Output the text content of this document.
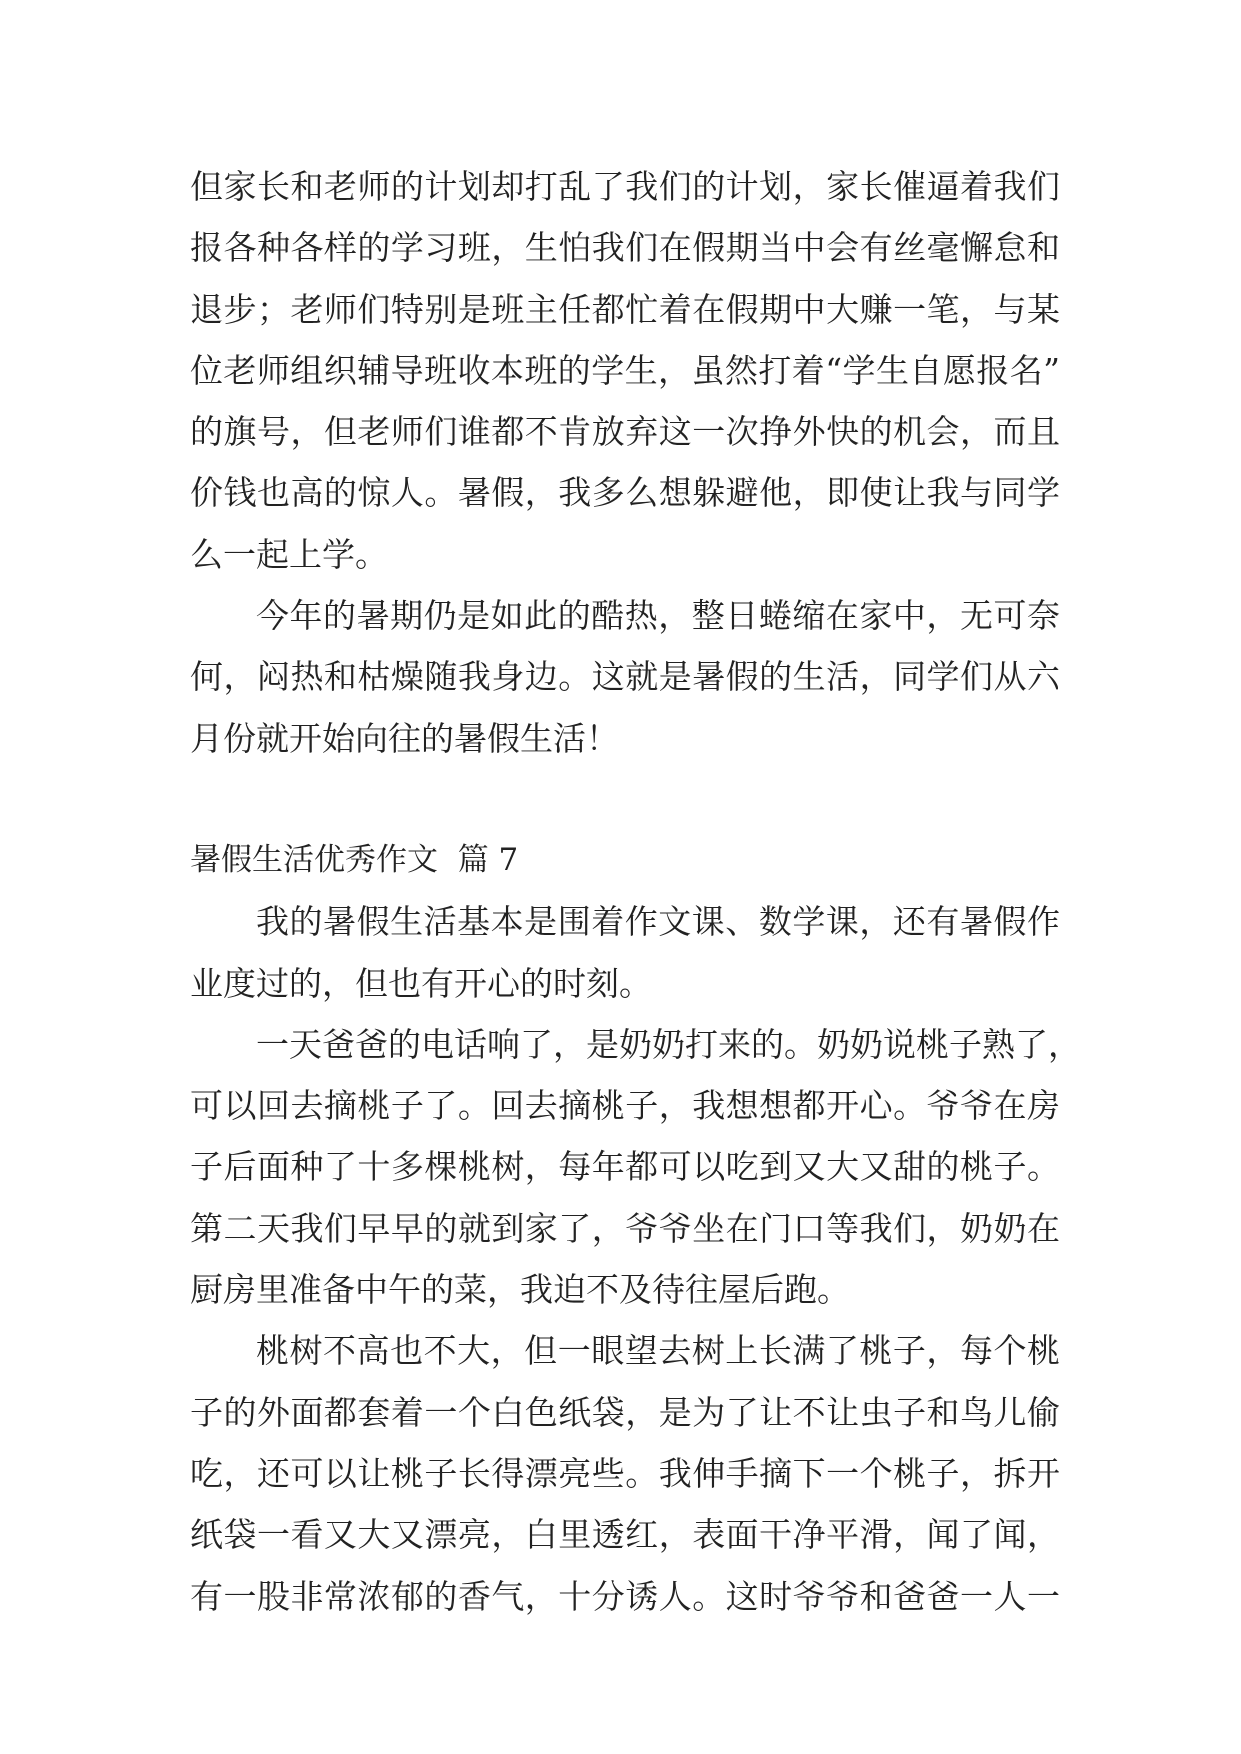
但家长和老师的计划却打乱了我们的计划，家长催逼着我们
报各种各样的学习班，生怕我们在假期当中会有丝毫懈怠和
退步；老师们特别是班主任都忙着在假期中大赚一笔，与某
位老师组织辅导班收本班的学生，虽然打着“学生自愿报名”
的旗号，但老师们谁都不肯放弃这一次挣外快的机会，而且
价钱也高的惊人。暑假，我多么想躲避他，即使让我与同学
么一起上学。
今年的暑期仍是如此的酷热，整日蜷缩在家中，无可奈
何，闷热和枯燥随我身边。这就是暑假的生活，同学们从六
月份就开始向往的暑假生活！
暑假生活优秀作文  篇 7
我的暑假生活基本是围着作文课、数学课，还有暑假作
业度过的，但也有开心的时刻。
一天爸爸的电话响了，是奶奶打来的。奶奶说桃子熟了，
可以回去摘桃子了。回去摘桃子，我想想都开心。爷爷在房
子后面种了十多棵桃树，每年都可以吃到又大又甜的桃子。
第二天我们早早的就到家了，爷爷坐在门口等我们，奶奶在
厨房里准备中午的菜，我迫不及待往屋后跑。
桃树不高也不大，但一眼望去树上长满了桃子，每个桃
子的外面都套着一个白色纸袋，是为了让不让虫子和鸟儿偷
吃，还可以让桃子长得漂亮些。我伸手摘下一个桃子，拆开
纸袋一看又大又漂亮，白里透红，表面干净平滑，闻了闻，
有一股非常浓郁的香气，十分诱人。这时爷爷和爸爸一人一
